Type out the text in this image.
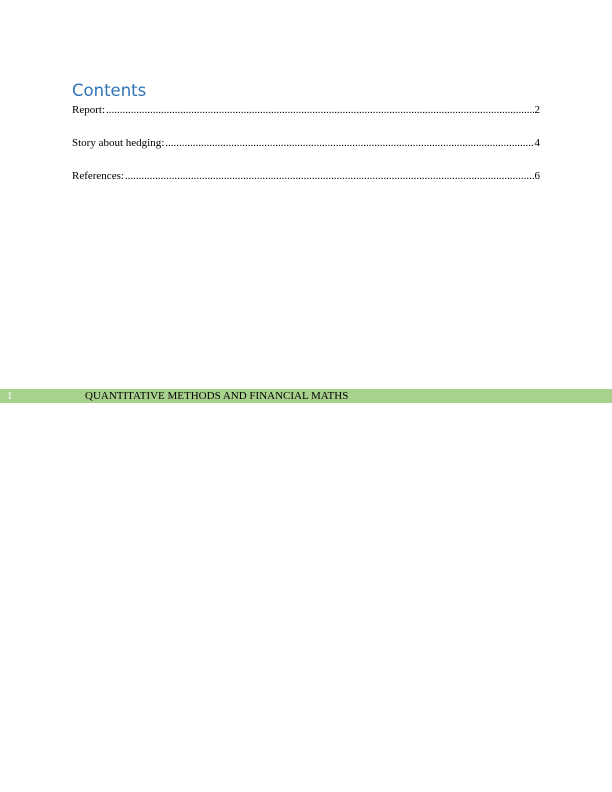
Contents
Report: .....	2
Story about hedging: .....	4
References: .....	6
1	QUANTITATIVE METHODS AND FINANCIAL MATHS
